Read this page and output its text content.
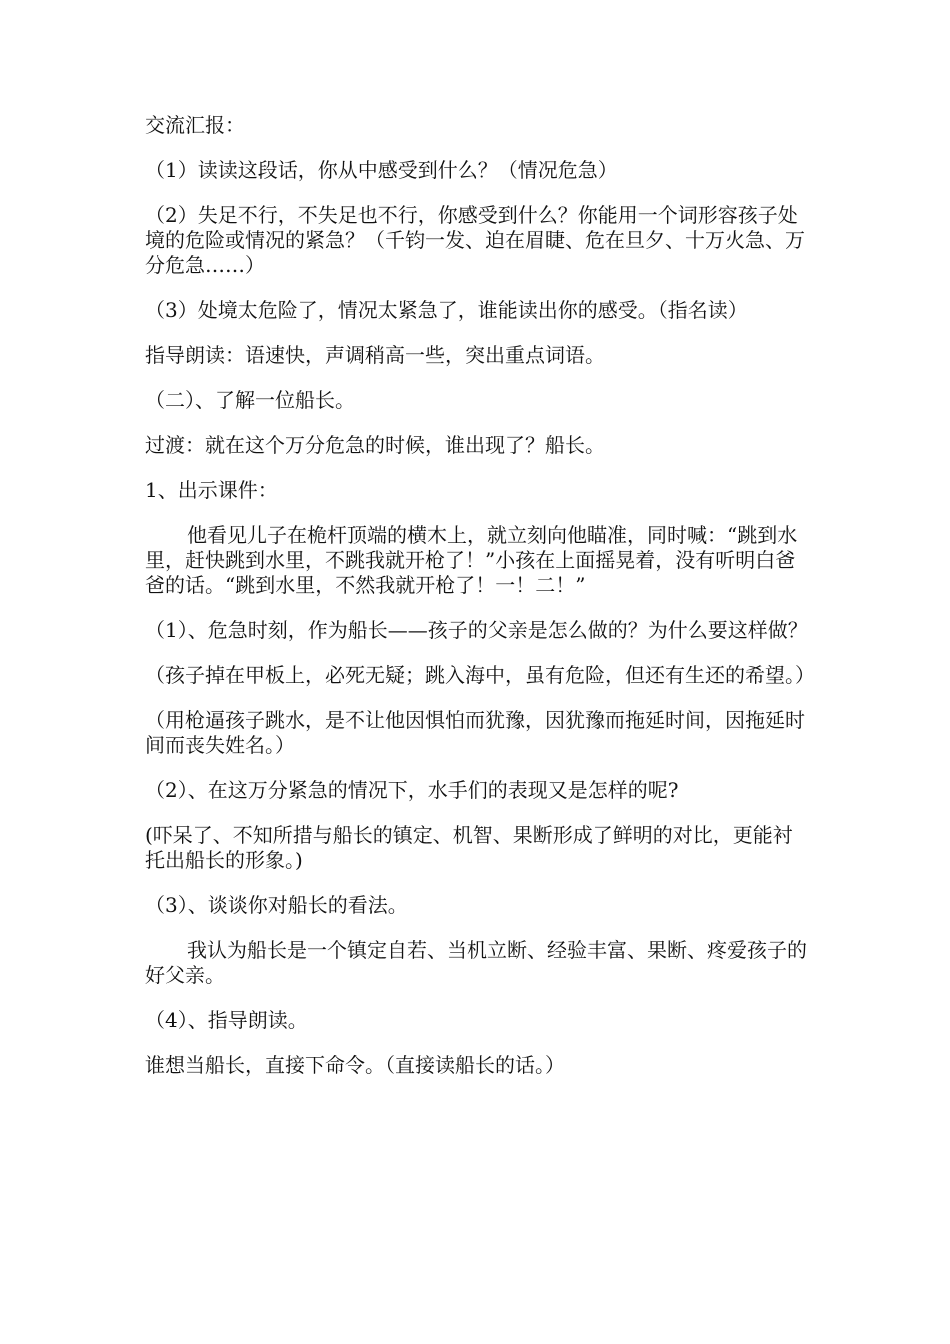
交流汇报：

（1）读读这段话，你从中感受到什么？（情况危急）

（2）失足不行，不失足也不行，你感受到什么？你能用一个词形容孩子处境的危险或情况的紧急？（千钧一发、迫在眉睫、危在旦夕、十万火急、万分危急……）

（3）处境太危险了，情况太紧急了，谁能读出你的感受。（指名读）

指导朗读：语速快，声调稍高一些，突出重点词语。

（二）、了解一位船长。

过渡：就在这个万分危急的时候，谁出现了？船长。

1、出示课件：

他看见儿子在桅杆顶端的横木上，就立刻向他瞄准，同时喊：“跳到水里，赶快跳到水里，不跳我就开枪了！”小孩在上面摇晃着，没有听明白爸爸的话。“跳到水里，不然我就开枪了！一！二！”

（1）、危急时刻，作为船长——孩子的父亲是怎么做的？为什么要这样做？

（孩子掉在甲板上，必死无疑；跳入海中，虽有危险，但还有生还的希望。）

（用枪逼孩子跳水，是不让他因惧怕而犹豫，因犹豫而拖延时间，因拖延时间而丧失姓名。）

（2）、在这万分紧急的情况下，水手们的表现又是怎样的呢?

(吓呆了、不知所措与船长的镇定、机智、果断形成了鲜明的对比，更能衬托出船长的形象。)

（3）、谈谈你对船长的看法。

我认为船长是一个镇定自若、当机立断、经验丰富、果断、疼爱孩子的好父亲。

（4）、指导朗读。

谁想当船长，直接下命令。（直接读船长的话。）
